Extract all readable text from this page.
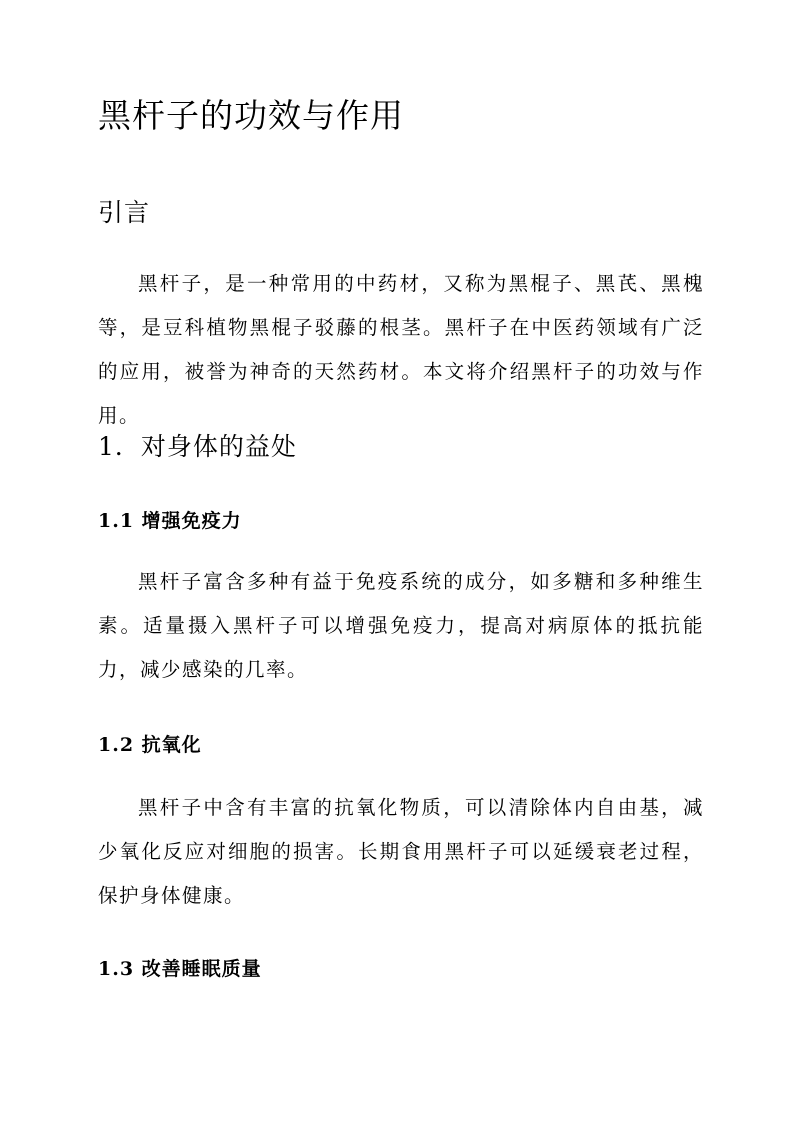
黑杆子的功效与作用
引言

黑杆子，是一种常用的中药材，又称为黑棍子、黑芪、黑槐等，是豆科植物黑棍子驳藤的根茎。黑杆子在中医药领域有广泛的应用，被誉为神奇的天然药材。本文将介绍黑杆子的功效与作用。

1．对身体的益处
1.1 增强免疫力

黑杆子富含多种有益于免疫系统的成分，如多糖和多种维生素。适量摄入黑杆子可以增强免疫力，提高对病原体的抵抗能力，减少感染的几率。

1.2 抗氧化

黑杆子中含有丰富的抗氧化物质，可以清除体内自由基，减少氧化反应对细胞的损害。长期食用黑杆子可以延缓衰老过程，保护身体健康。

1.3 改善睡眠质量
